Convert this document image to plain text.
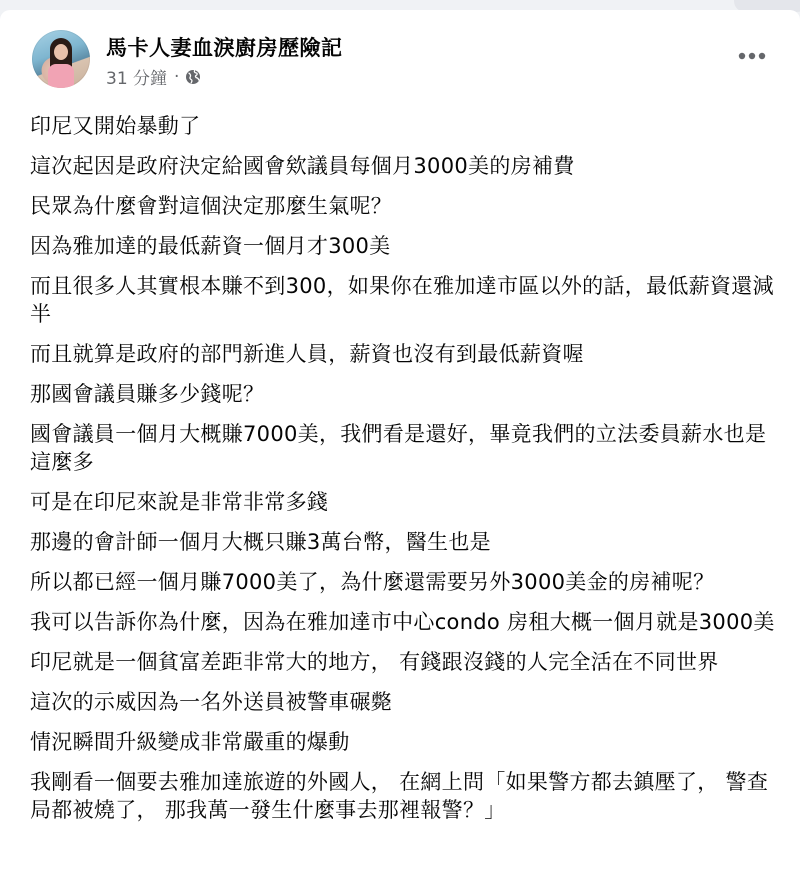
馬卡人妻血淚廚房歷險記
31 分鐘 ·

印尼又開始暴動了

這次起因是政府決定給國會欸議員每個月3000美的房補費

民眾為什麼會對這個決定那麼生氣呢？

因為雅加達的最低薪資一個月才300美

而且很多人其實根本賺不到300，如果你在雅加達市區以外的話，最低薪資還減半

而且就算是政府的部門新進人員，薪資也沒有到最低薪資喔

那國會議員賺多少錢呢？

國會議員一個月大概賺7000美，我們看是還好，畢竟我們的立法委員薪水也是這麼多

可是在印尼來說是非常非常多錢

那邊的會計師一個月大概只賺3萬台幣，醫生也是

所以都已經一個月賺7000美了，為什麼還需要另外3000美金的房補呢？

我可以告訴你為什麼，因為在雅加達市中心condo 房租大概一個月就是3000美

印尼就是一個貧富差距非常大的地方， 有錢跟沒錢的人完全活在不同世界

這次的示威因為一名外送員被警車碾斃

情況瞬間升級變成非常嚴重的爆動

我剛看一個要去雅加達旅遊的外國人， 在網上問「如果警方都去鎮壓了， 警查局都被燒了， 那我萬一發生什麼事去那裡報警？」
